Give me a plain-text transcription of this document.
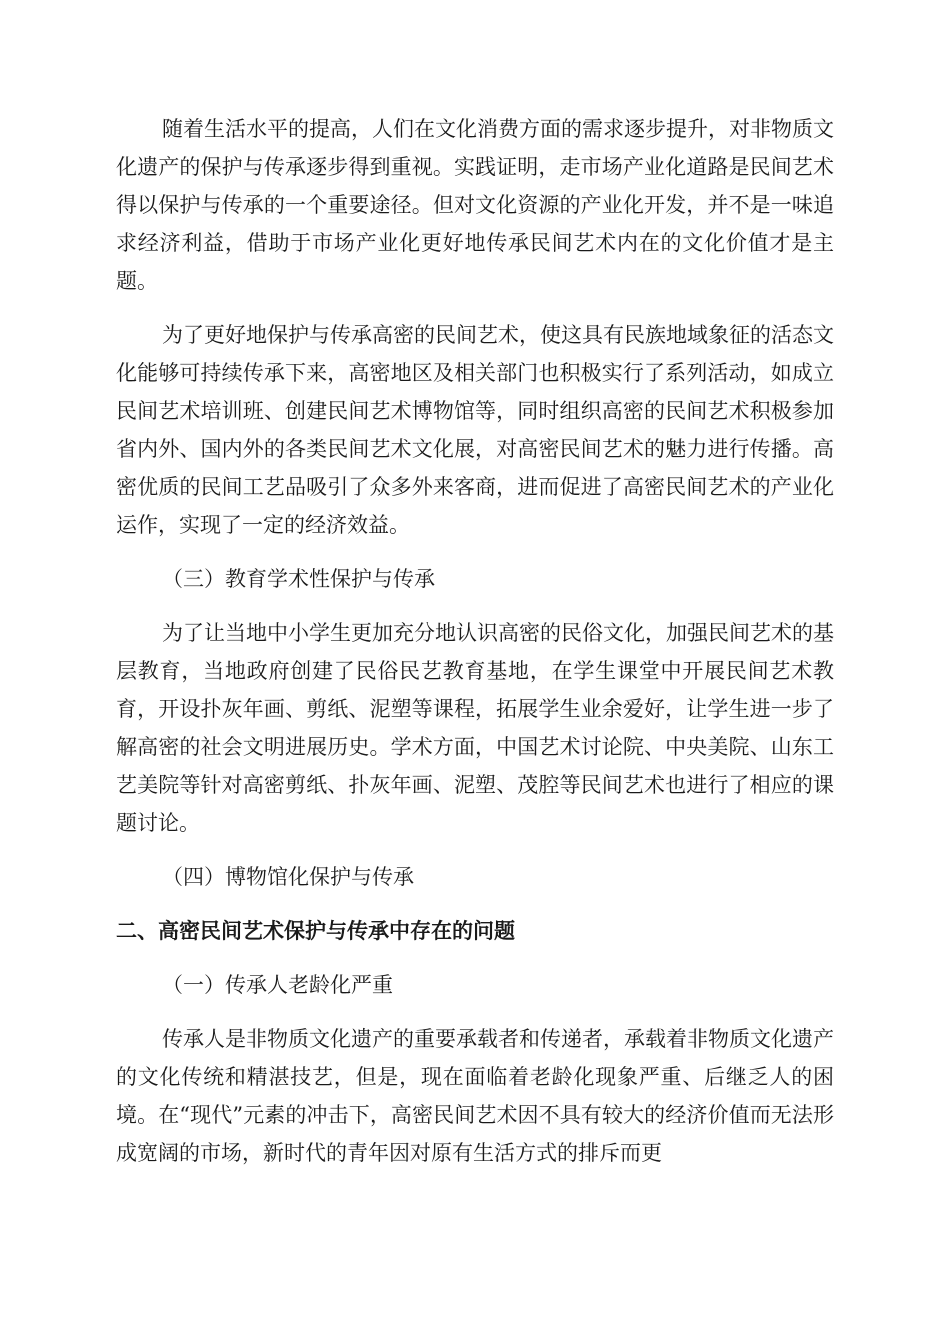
随着生活水平的提高，人们在文化消费方面的需求逐步提升，对非物质文化遗产的保护与传承逐步得到重视。实践证明，走市场产业化道路是民间艺术得以保护与传承的一个重要途径。但对文化资源的产业化开发，并不是一味追求经济利益，借助于市场产业化更好地传承民间艺术内在的文化价值才是主题。

为了更好地保护与传承高密的民间艺术，使这具有民族地域象征的活态文化能够可持续传承下来，高密地区及相关部门也积极实行了系列活动，如成立民间艺术培训班、创建民间艺术博物馆等，同时组织高密的民间艺术积极参加省内外、国内外的各类民间艺术文化展，对高密民间艺术的魅力进行传播。高密优质的民间工艺品吸引了众多外来客商，进而促进了高密民间艺术的产业化运作，实现了一定的经济效益。

（三）教育学术性保护与传承

为了让当地中小学生更加充分地认识高密的民俗文化，加强民间艺术的基层教育，当地政府创建了民俗民艺教育基地，在学生课堂中开展民间艺术教育，开设扑灰年画、剪纸、泥塑等课程，拓展学生业余爱好，让学生进一步了解高密的社会文明进展历史。学术方面，中国艺术讨论院、中央美院、山东工艺美院等针对高密剪纸、扑灰年画、泥塑、茂腔等民间艺术也进行了相应的课题讨论。

（四）博物馆化保护与传承

二、高密民间艺术保护与传承中存在的问题

（一）传承人老龄化严重

传承人是非物质文化遗产的重要承载者和传递者，承载着非物质文化遗产的文化传统和精湛技艺，但是，现在面临着老龄化现象严重、后继乏人的困境。在“现代”元素的冲击下，高密民间艺术因不具有较大的经济价值而无法形成宽阔的市场，新时代的青年因对原有生活方式的排斥而更
